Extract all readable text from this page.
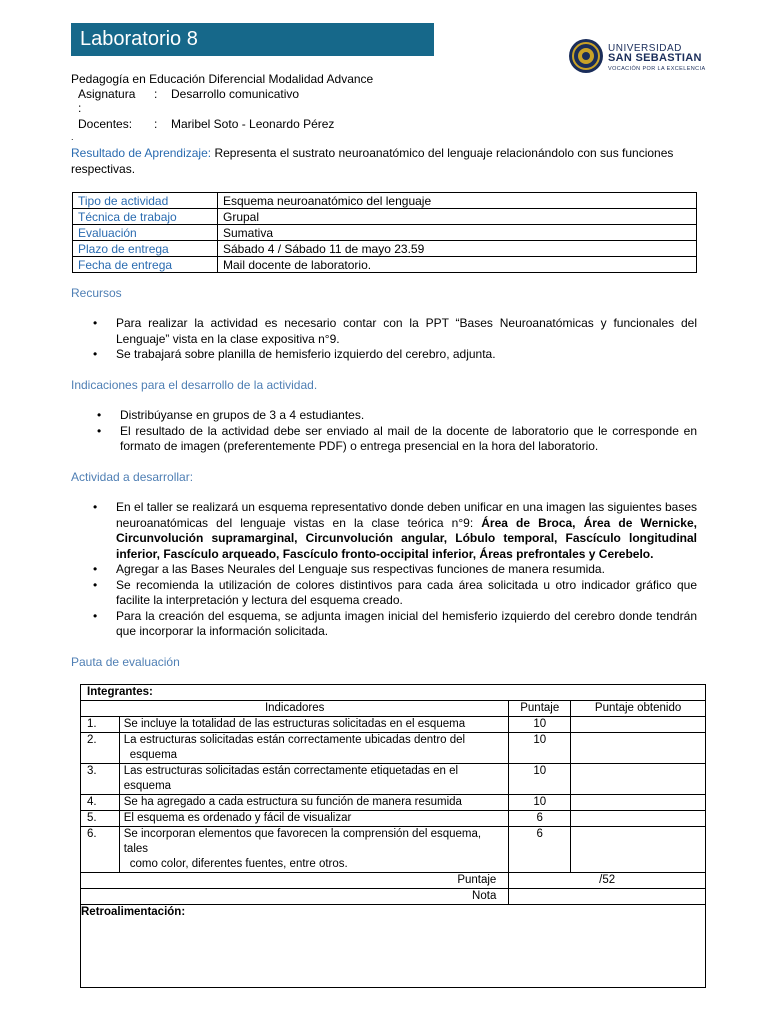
Laboratorio 8	UNIVERSIDAD
SAN SEBASTIAN
VOCACIÓN POR LA EXCELENCIA
Pedagogía en Educación Diferencial Modalidad Advance
Asignatura : Desarrollo comunicativo
:
Docentes: : Maribel Soto - Leonardo Pérez
.
Resultado de Aprendizaje: Representa el sustrato neuroanatómico del lenguaje relacionándolo con sus funciones
respectivas.
Tipo de actividad	Esquema neuroanatómico del lenguaje
Técnica de trabajo	Grupal
Evaluación	Sumativa
Plazo de entrega	Sábado 4 / Sábado 11 de mayo 23.59
Fecha de entrega	Mail docente de laboratorio.
Recursos
• Para realizar la actividad es necesario contar con la PPT “Bases Neuroanatómicas y funcionales del Lenguaje” vista en la clase expositiva n°9.
• Se trabajará sobre planilla de hemisferio izquierdo del cerebro, adjunta.
Indicaciones para el desarrollo de la actividad.
• Distribúyanse en grupos de 3 a 4 estudiantes.
• El resultado de la actividad debe ser enviado al mail de la docente de laboratorio que le corresponde en formato de imagen (preferentemente PDF) o entrega presencial en la hora del laboratorio.
Actividad a desarrollar:
• En el taller se realizará un esquema representativo donde deben unificar en una imagen las siguientes bases neuroanatómicas del lenguaje vistas en la clase teórica n°9: Área de Broca, Área de Wernicke, Circunvolución supramarginal, Circunvolución angular, Lóbulo temporal, Fascículo longitudinal inferior, Fascículo arqueado, Fascículo fronto-occipital inferior, Áreas prefrontales y Cerebelo.
• Agregar a las Bases Neurales del Lenguaje sus respectivas funciones de manera resumida.
• Se recomienda la utilización de colores distintivos para cada área solicitada u otro indicador gráfico que facilite la interpretación y lectura del esquema creado.
• Para la creación del esquema, se adjunta imagen inicial del hemisferio izquierdo del cerebro donde tendrán que incorporar la información solicitada.
Pauta de evaluación
Integrantes:			
Indicadores		Puntaje	Puntaje obtenido
1.	Se incluye la totalidad de las estructuras solicitadas en el esquema	10	
2.	La estructuras solicitadas están correctamente ubicadas dentro del
esquema	10	
3.	Las estructuras solicitadas están correctamente etiquetadas en el esquema	10	
4.	Se ha agregado a cada estructura su función de manera resumida	10	
5.	El esquema es ordenado y fácil de visualizar	6	
6.	Se incorporan elementos que favorecen la comprensión del esquema, tales
como color, diferentes fuentes, entre otros.	6	
Puntaje		/52	
Nota			
Retroalimentación:			
